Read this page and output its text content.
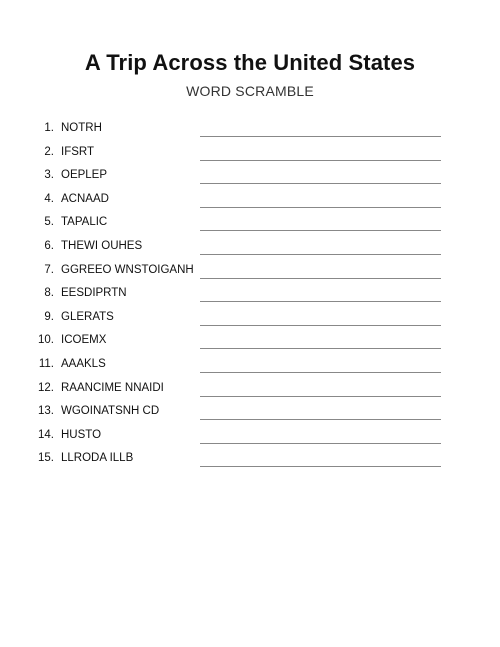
A Trip Across the United States
WORD SCRAMBLE
1. NOTRH
2. IFSRT
3. OEPLEP
4. ACNAAD
5. TAPALIC
6. THEWI OUHES
7. GGREEO WNSTOIGANH
8. EESDIPRTN
9. GLERATS
10. ICOEMX
11. AAAKLS
12. RAANCIME NNAIDI
13. WGOINATSNH CD
14. HUSTO
15. LLRODA ILLB
